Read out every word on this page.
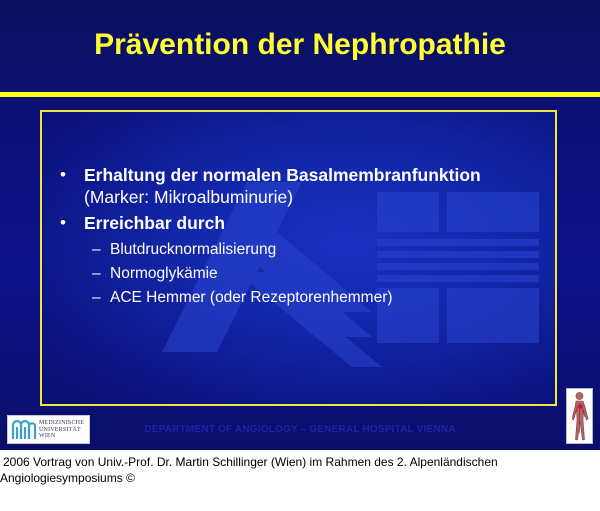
Prävention der Nephropathie
• Erhaltung der normalen Basalmembranfunktion
(Marker: Mikroalbuminurie)
• Erreichbar durch
– Blutdrucknormalisierung
– Normoglykämie
– ACE Hemmer (oder Rezeptorenhemmer)
MEDIZINISCHE
UNIVERSITÄT
WIEN
DEPARTMENT OF ANGIOLOGY – GENERAL HOSPITAL VIENNA
2006 Vortrag von Univ.-Prof. Dr. Martin Schillinger (Wien) im Rahmen des 2. Alpenländischen
Angiologiesymposiums ©
